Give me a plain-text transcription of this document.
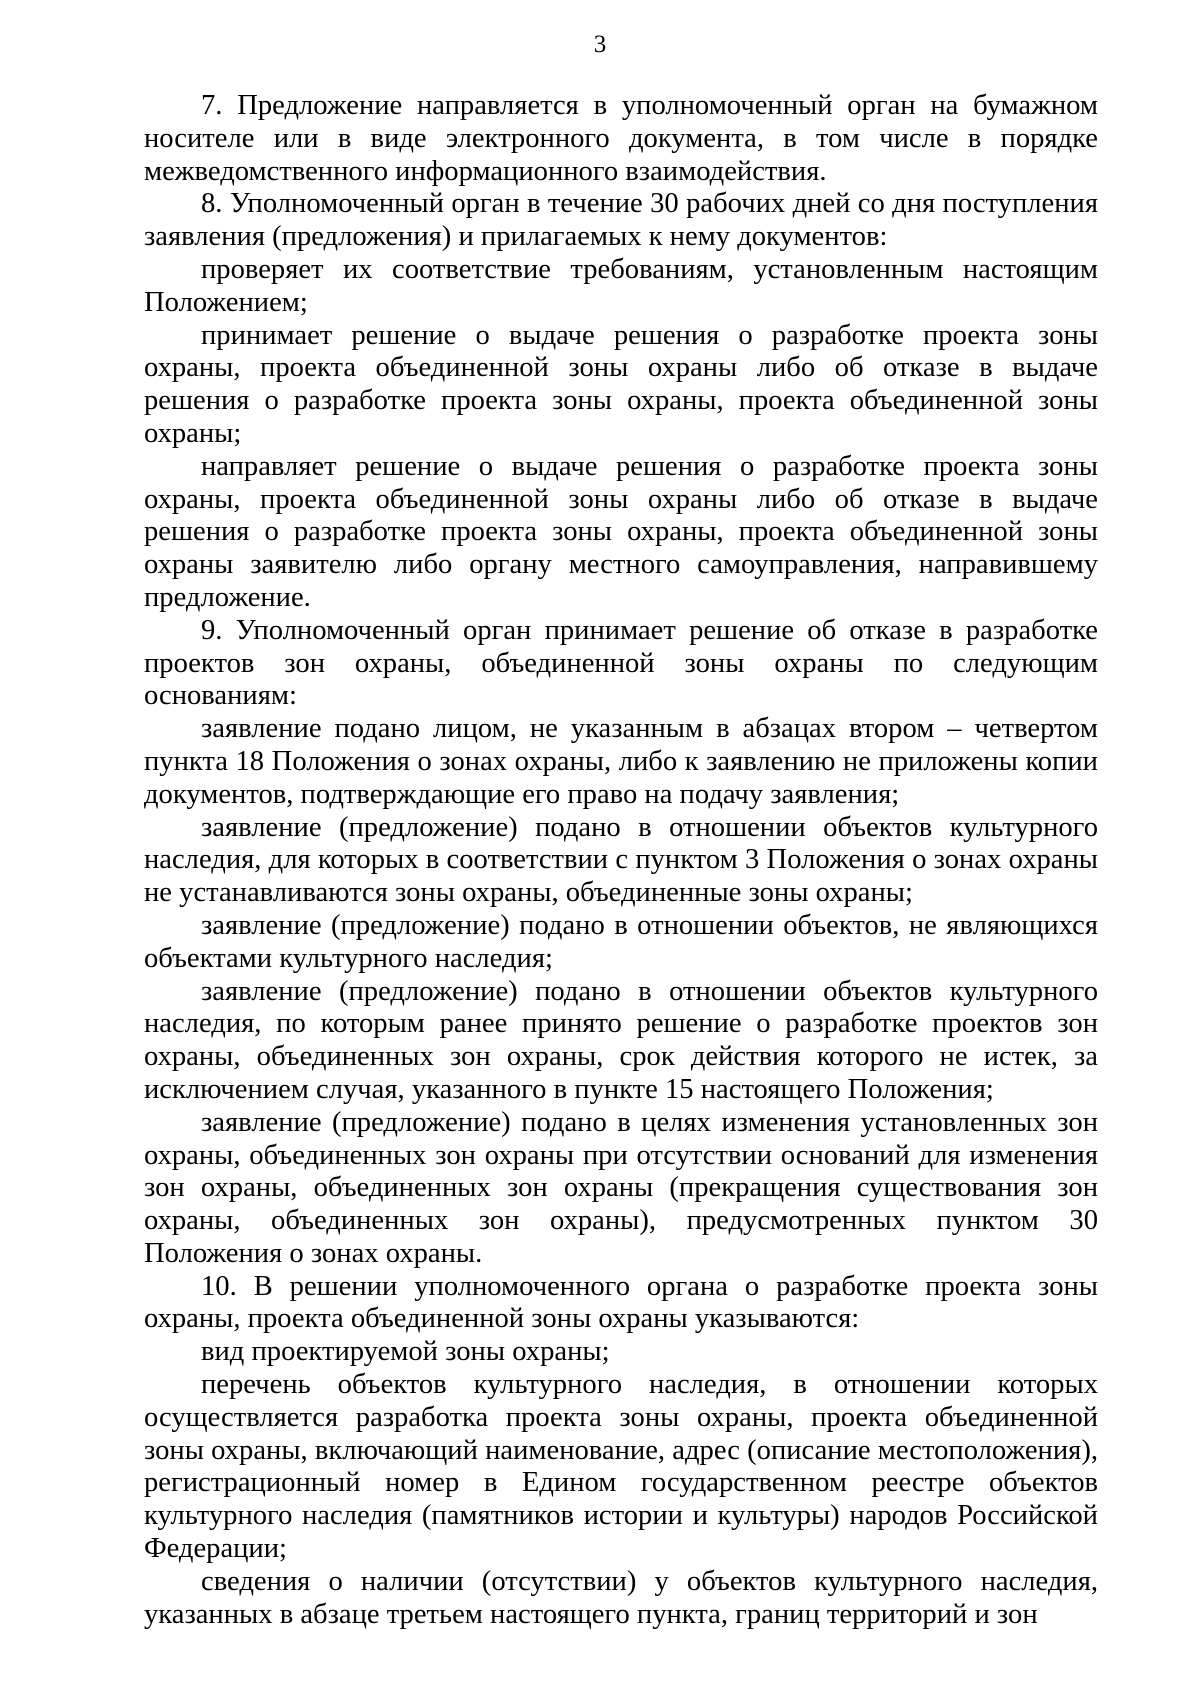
3

7. Предложение направляется в уполномоченный орган на бумажном носителе или в виде электронного документа, в том числе в порядке межведомственного информационного взаимодействия.

8. Уполномоченный орган в течение 30 рабочих дней со дня поступления заявления (предложения) и прилагаемых к нему документов:

проверяет их соответствие требованиям, установленным настоящим Положением;

принимает решение о выдаче решения о разработке проекта зоны охраны, проекта объединенной зоны охраны либо об отказе в выдаче решения о разработке проекта зоны охраны, проекта объединенной зоны охраны;

направляет решение о выдаче решения о разработке проекта зоны охраны, проекта объединенной зоны охраны либо об отказе в выдаче решения о разработке проекта зоны охраны, проекта объединенной зоны охраны заявителю либо органу местного самоуправления, направившему предложение.

9. Уполномоченный орган принимает решение об отказе в разработке проектов зон охраны, объединенной зоны охраны по следующим основаниям:

заявление подано лицом, не указанным в абзацах втором – четвертом пункта 18 Положения о зонах охраны, либо к заявлению не приложены копии документов, подтверждающие его право на подачу заявления;

заявление (предложение) подано в отношении объектов культурного наследия, для которых в соответствии с пунктом 3 Положения о зонах охраны не устанавливаются зоны охраны, объединенные зоны охраны;

заявление (предложение) подано в отношении объектов, не являющихся объектами культурного наследия;

заявление (предложение) подано в отношении объектов культурного наследия, по которым ранее принято решение о разработке проектов зон охраны, объединенных зон охраны, срок действия которого не истек, за исключением случая, указанного в пункте 15 настоящего Положения;

заявление (предложение) подано в целях изменения установленных зон охраны, объединенных зон охраны при отсутствии оснований для изменения зон охраны, объединенных зон охраны (прекращения существования зон охраны, объединенных зон охраны), предусмотренных пунктом 30 Положения о зонах охраны.

10. В решении уполномоченного органа о разработке проекта зоны охраны, проекта объединенной зоны охраны указываются:

вид проектируемой зоны охраны;

перечень объектов культурного наследия, в отношении которых осуществляется разработка проекта зоны охраны, проекта объединенной зоны охраны, включающий наименование, адрес (описание местоположения), регистрационный номер в Едином государственном реестре объектов культурного наследия (памятников истории и культуры) народов Российской Федерации;

сведения о наличии (отсутствии) у объектов культурного наследия, указанных в абзаце третьем настоящего пункта, границ территорий и зон
